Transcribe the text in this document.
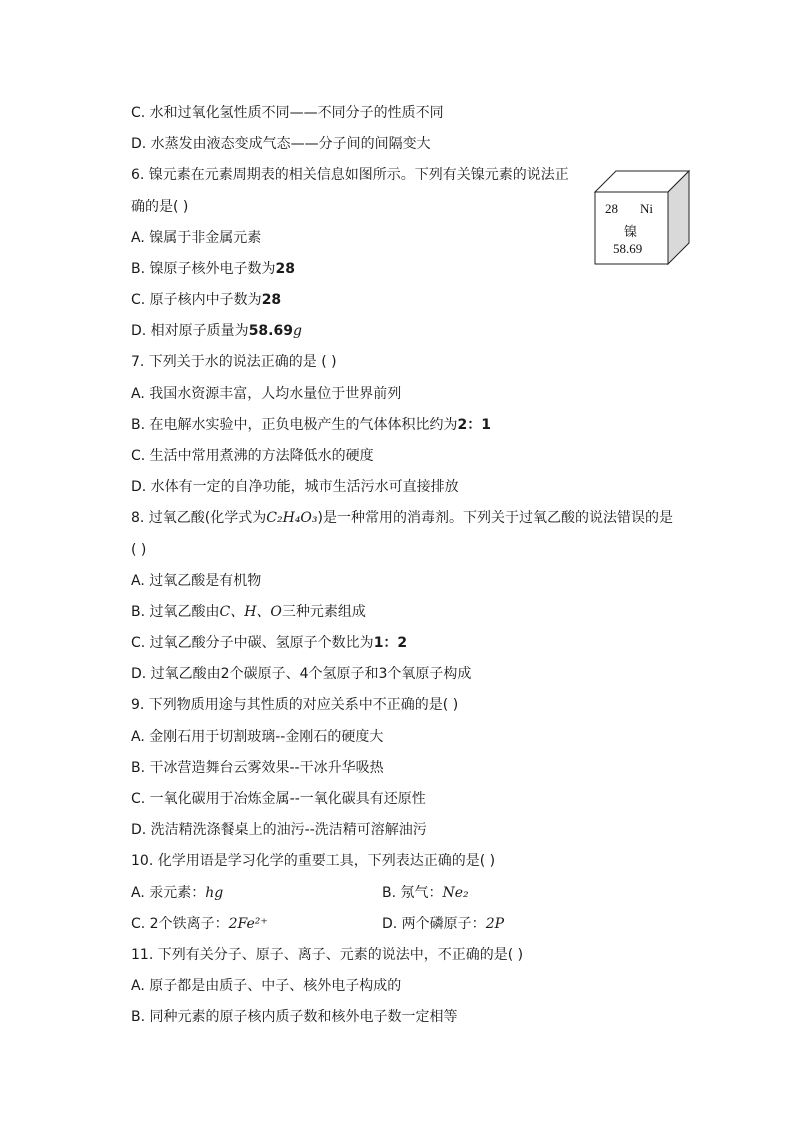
C. 水和过氧化氢性质不同——不同分子的性质不同
D. 水蒸发由液态变成气态——分子间的间隔变大
6. 镍元素在元素周期表的相关信息如图所示。下列有关镍元素的说法正
确的是( )
A. 镍属于非金属元素
B. 镍原子核外电子数为28
C. 原子核内中子数为28
D. 相对原子质量为58.69g
28 Ni
镍
58.69
7. 下列关于水的说法正确的是 ( )
A. 我国水资源丰富，人均水量位于世界前列
B. 在电解水实验中，正负电极产生的气体体积比约为2：1
C. 生活中常用煮沸的方法降低水的硬度
D. 水体有一定的自净功能，城市生活污水可直接排放
8. 过氧乙酸(化学式为C₂H₄O₃)是一种常用的消毒剂。下列关于过氧乙酸的说法错误的是
( )
A. 过氧乙酸是有机物
B. 过氧乙酸由C、H、O三种元素组成
C. 过氧乙酸分子中碳、氢原子个数比为1：2
D. 过氧乙酸由2个碳原子、4个氢原子和3个氧原子构成
9. 下列物质用途与其性质的对应关系中不正确的是( )
A. 金刚石用于切割玻璃--金刚石的硬度大
B. 干冰营造舞台云雾效果--干冰升华吸热
C. 一氧化碳用于冶炼金属--一氧化碳具有还原性
D. 洗洁精洗涤餐桌上的油污--洗洁精可溶解油污
10. 化学用语是学习化学的重要工具，下列表达正确的是( )
A. 汞元素：hg	B. 氖气：Ne₂
C. 2个铁离子：2Fe²⁺	D. 两个磷原子：2P
11. 下列有关分子、原子、离子、元素的说法中，不正确的是( )
A. 原子都是由质子、中子、核外电子构成的
B. 同种元素的原子核内质子数和核外电子数一定相等
